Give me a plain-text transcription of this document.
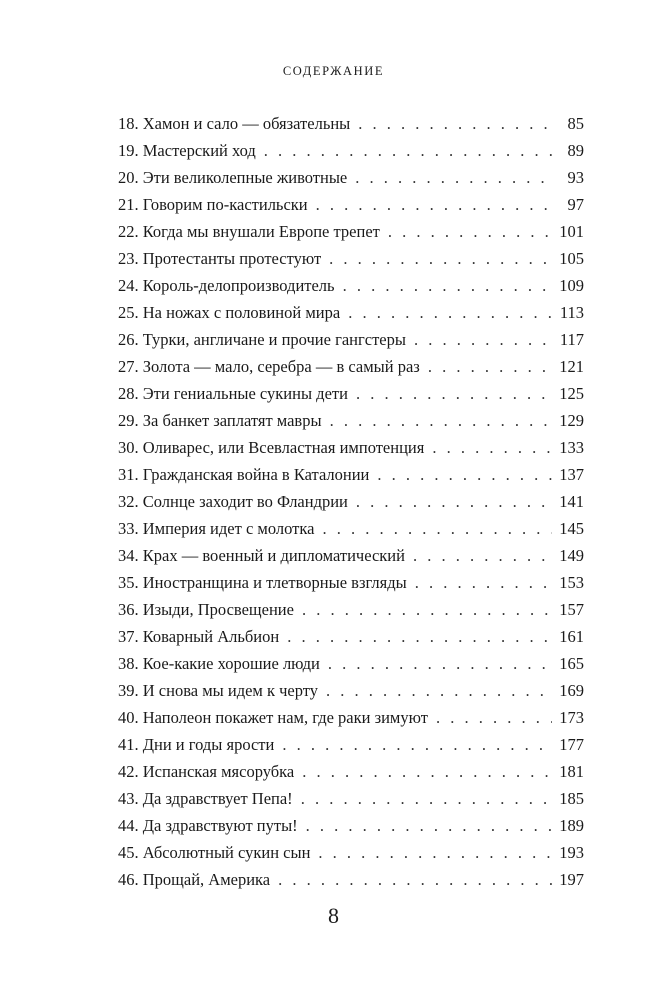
СОДЕРЖАНИЕ
18. Хамон и сало — обязательны . . .	85
19. Мастерский ход . . .	89
20. Эти великолепные животные . . .	93
21. Говорим по-кастильски . . .	97
22. Когда мы внушали Европе трепет . . .	101
23. Протестанты протестуют . . .	105
24. Король-делопроизводитель . . .	109
25. На ножах с половиной мира . . .	113
26. Турки, англичане и прочие гангстеры . . .	117
27. Золота — мало, серебра — в самый раз . . .	121
28. Эти гениальные сукины дети . . .	125
29. За банкет заплатят мавры . . .	129
30. Оливарес, или Всевластная импотенция . . .	133
31. Гражданская война в Каталонии . . .	137
32. Солнце заходит во Фландрии . . .	141
33. Империя идет с молотка . . .	145
34. Крах — военный и дипломатический . . .	149
35. Иностранщина и тлетворные взгляды . . .	153
36. Изыди, Просвещение . . .	157
37. Коварный Альбион . . .	161
38. Кое-какие хорошие люди . . .	165
39. И снова мы идем к черту . . .	169
40. Наполеон покажет нам, где раки зимуют . . .	173
41. Дни и годы ярости . . .	177
42. Испанская мясорубка . . .	181
43. Да здравствует Пепа! . . .	185
44. Да здравствуют путы! . . .	189
45. Абсолютный сукин сын . . .	193
46. Прощай, Америка . . .	197
8
